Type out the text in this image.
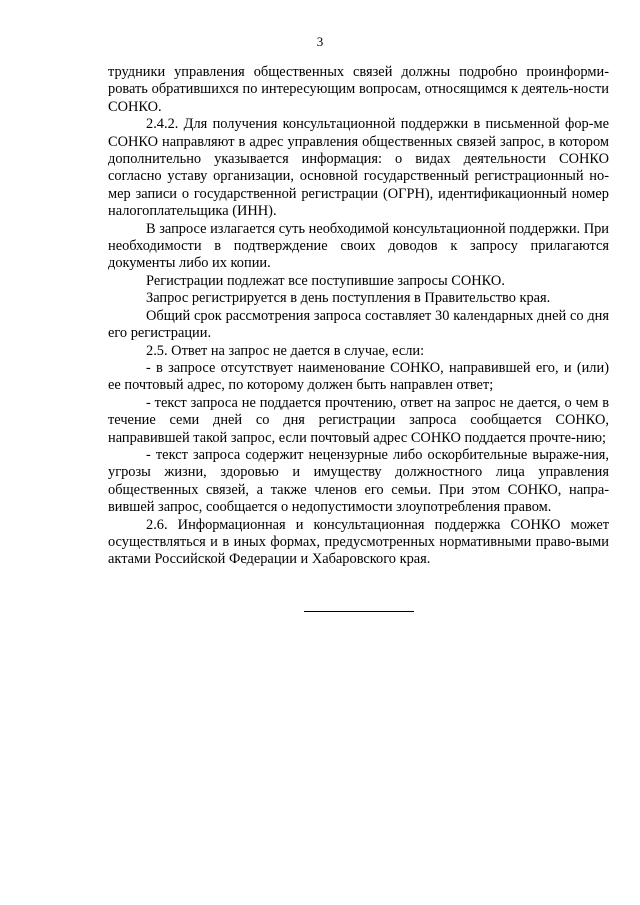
3

трудники управления общественных связей должны подробно проинформи-ровать обратившихся по интересующим вопросам, относящимся к деятель-ности СОНКО.

2.4.2. Для получения консультационной поддержки в письменной фор-ме СОНКО направляют в адрес управления общественных связей запрос, в котором дополнительно указывается информация: о видах деятельности СОНКО согласно уставу организации, основной государственный регистрационный но-мер записи о государственной регистрации (ОГРН), идентификационный номер налогоплательщика (ИНН).

В запросе излагается суть необходимой консультационной поддержки. При необходимости в подтверждение своих доводов к запросу прилагаются документы либо их копии.

Регистрации подлежат все поступившие запросы СОНКО.

Запрос регистрируется в день поступления в Правительство края.

Общий срок рассмотрения запроса составляет 30 календарных дней со дня его регистрации.

2.5. Ответ на запрос не дается в случае, если:

- в запросе отсутствует наименование СОНКО, направившей его, и (или) ее почтовый адрес, по которому должен быть направлен ответ;

- текст запроса не поддается прочтению, ответ на запрос не дается, о чем в течение семи дней со дня регистрации запроса сообщается СОНКО, направившей такой запрос, если почтовый адрес СОНКО поддается прочте-нию;

- текст запроса содержит нецензурные либо оскорбительные выраже-ния, угрозы жизни, здоровью и имуществу должностного лица управления общественных связей, а также членов его семьи. При этом СОНКО, напра-вившей запрос, сообщается о недопустимости злоупотребления правом.

2.6. Информационная и консультационная поддержка СОНКО может осуществляться и в иных формах, предусмотренных нормативными право-выми актами Российской Федерации и Хабаровского края.
